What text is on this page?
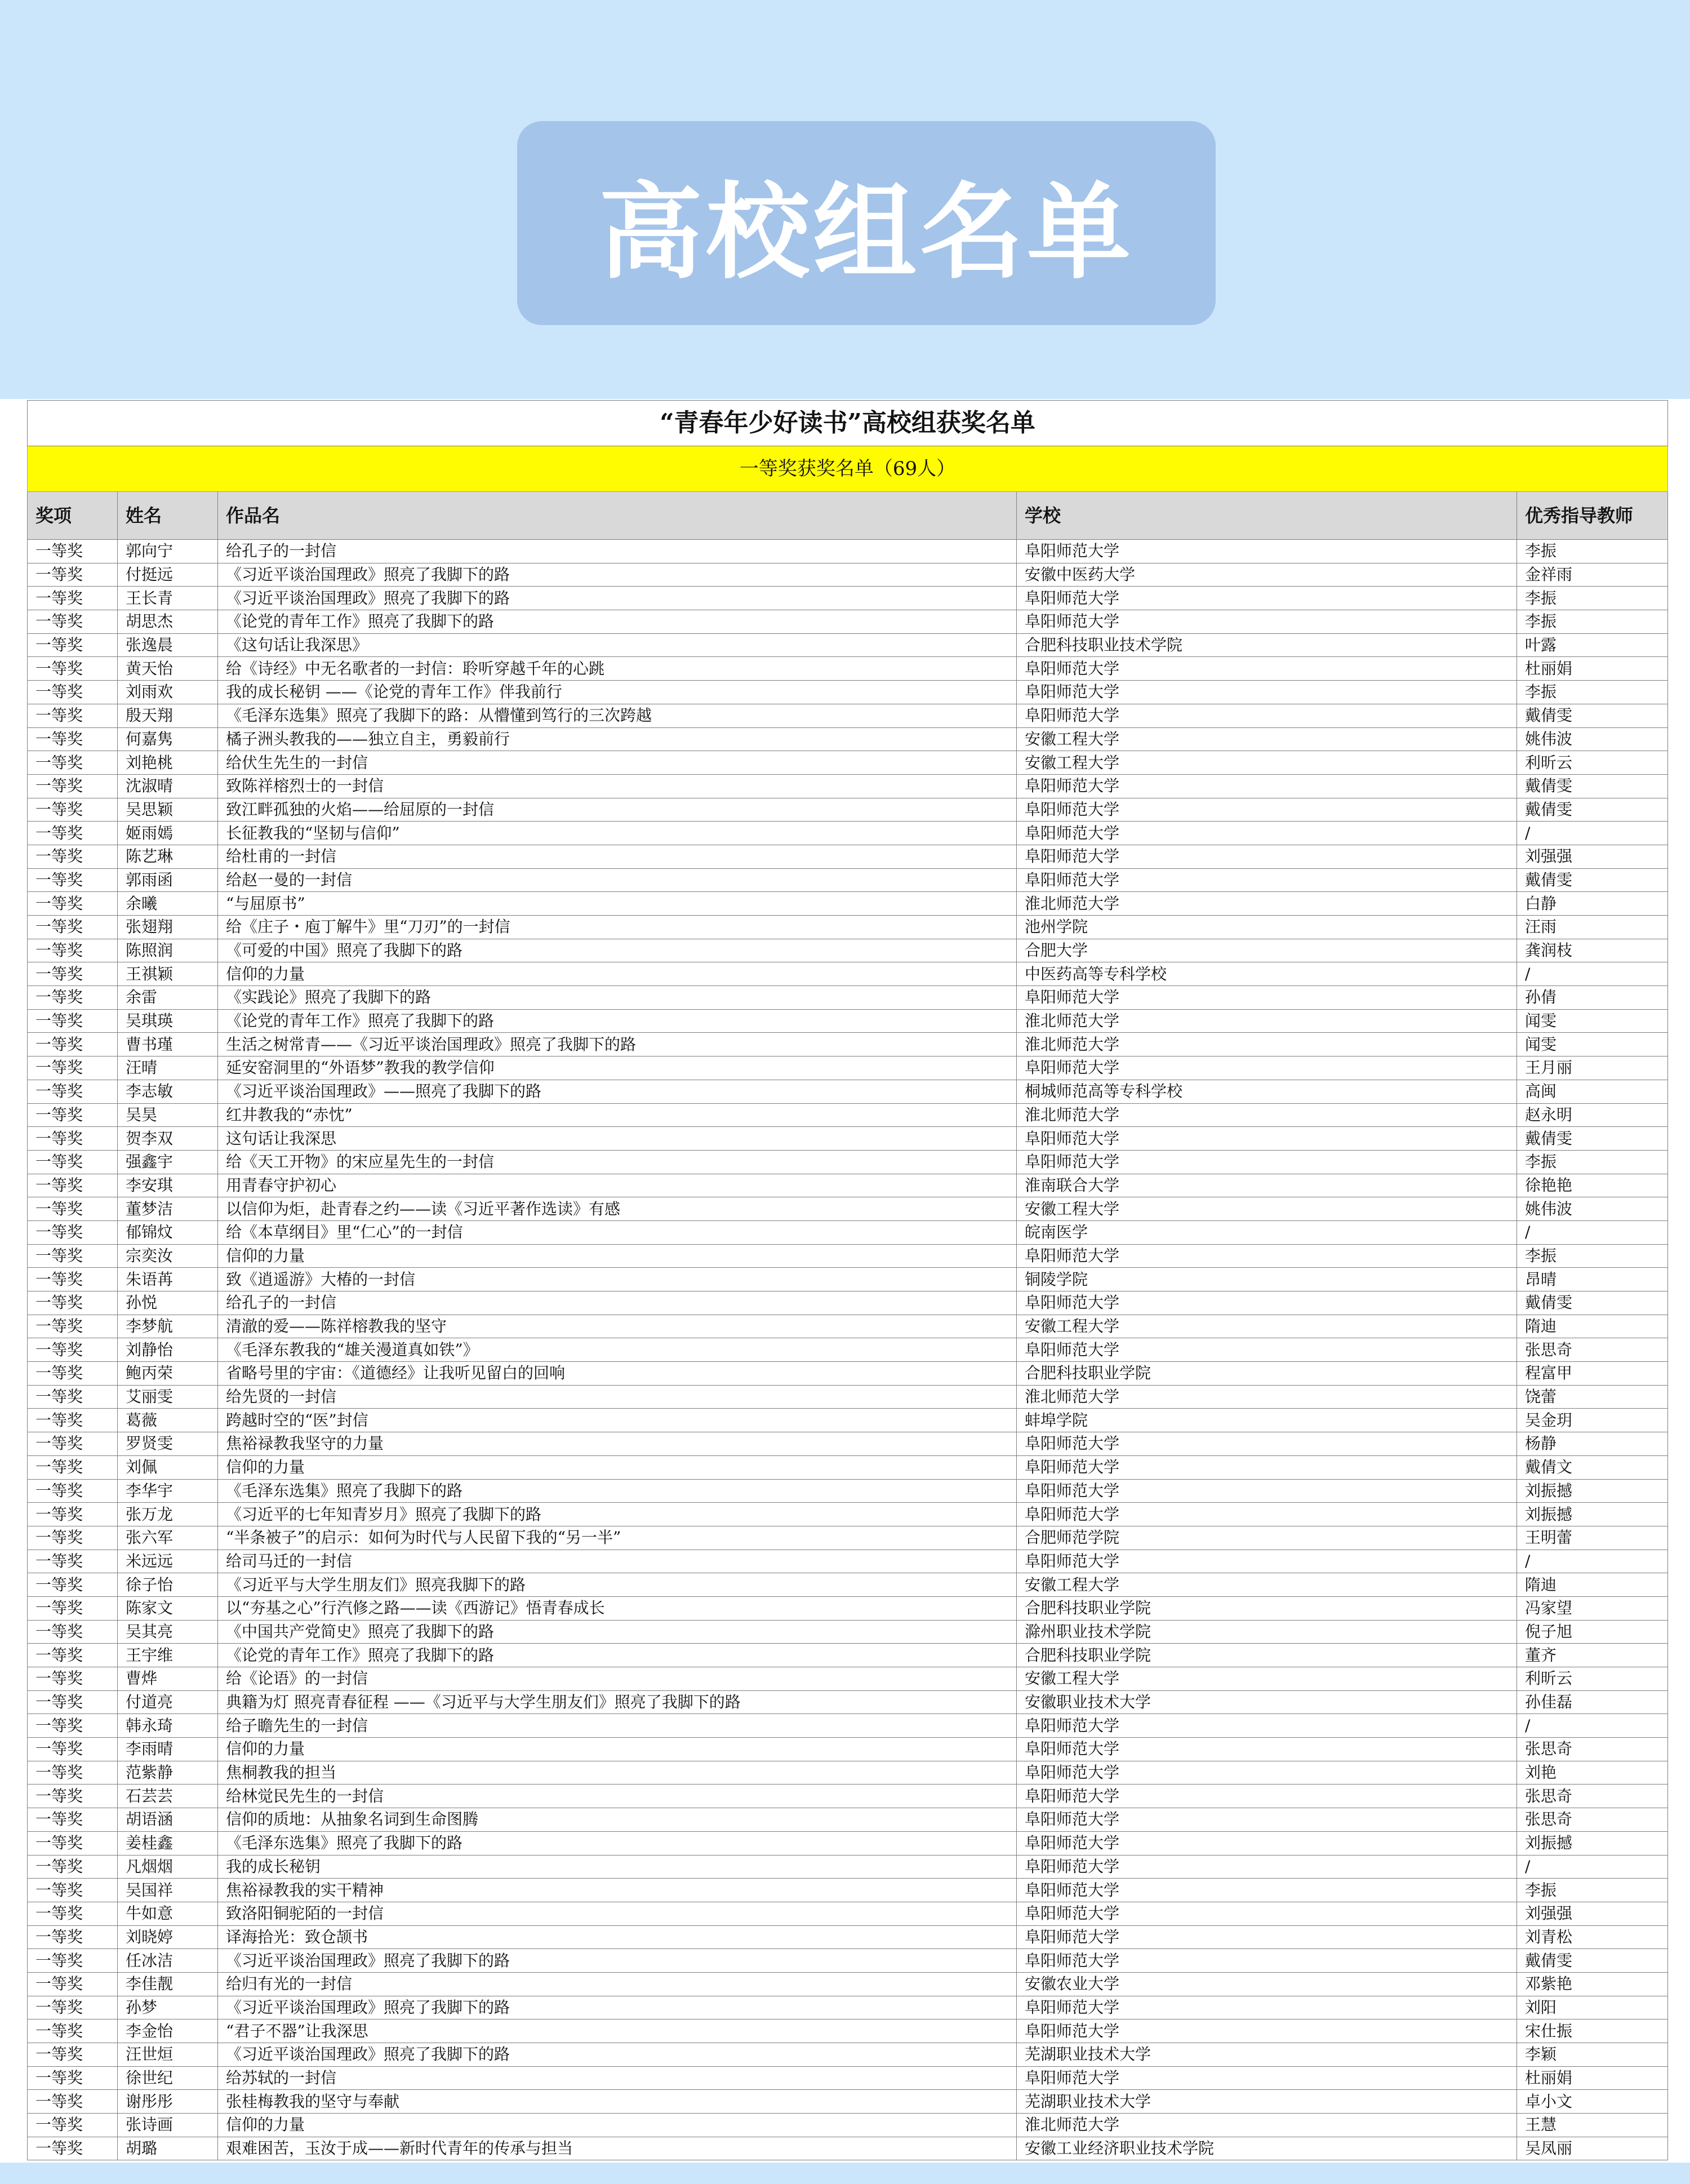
高校组名单
“青春年少好读书”高校组获奖名单				
一等奖获奖名单（69人）				
奖项	姓名	作品名	学校	优秀指导教师
一等奖	郭向宁	给孔子的一封信	阜阳师范大学	李振
一等奖	付挺远	《习近平谈治国理政》照亮了我脚下的路	安徽中医药大学	金祥雨
一等奖	王长青	《习近平谈治国理政》照亮了我脚下的路	阜阳师范大学	李振
一等奖	胡思杰	《论党的青年工作》照亮了我脚下的路	阜阳师范大学	李振
一等奖	张逸晨	《这句话让我深思》	合肥科技职业技术学院	叶露
一等奖	黄天怡	给《诗经》中无名歌者的一封信：聆听穿越千年的心跳	阜阳师范大学	杜丽娟
一等奖	刘雨欢	我的成长秘钥 ——《论党的青年工作》伴我前行	阜阳师范大学	李振
一等奖	殷天翔	《毛泽东选集》照亮了我脚下的路：从懵懂到笃行的三次跨越	阜阳师范大学	戴倩雯
一等奖	何嘉隽	橘子洲头教我的——独立自主，勇毅前行	安徽工程大学	姚伟波
一等奖	刘艳桃	给伏生先生的一封信	安徽工程大学	利昕云
一等奖	沈淑晴	致陈祥榕烈士的一封信	阜阳师范大学	戴倩雯
一等奖	吴思颖	致江畔孤独的火焰——给屈原的一封信	阜阳师范大学	戴倩雯
一等奖	姬雨嫣	长征教我的“坚韧与信仰”	阜阳师范大学	/
一等奖	陈艺琳	给杜甫的一封信	阜阳师范大学	刘强强
一等奖	郭雨函	给赵一曼的一封信	阜阳师范大学	戴倩雯
一等奖	余曦	“与屈原书”	淮北师范大学	白静
一等奖	张翅翔	给《庄子・庖丁解牛》里“刀刃”的一封信	池州学院	汪雨
一等奖	陈照润	《可爱的中国》照亮了我脚下的路	合肥大学	龚润枝
一等奖	王祺颖	信仰的力量	中医药高等专科学校	/
一等奖	余雷	《实践论》照亮了我脚下的路	阜阳师范大学	孙倩
一等奖	吴琪瑛	《论党的青年工作》照亮了我脚下的路	淮北师范大学	闻雯
一等奖	曹书瑾	生活之树常青——《习近平谈治国理政》照亮了我脚下的路	淮北师范大学	闻雯
一等奖	汪晴	延安窑洞里的“外语梦”教我的教学信仰	阜阳师范大学	王月丽
一等奖	李志敏	《习近平谈治国理政》——照亮了我脚下的路	桐城师范高等专科学校	高闽
一等奖	吴昊	红井教我的“赤忱”	淮北师范大学	赵永明
一等奖	贺李双	这句话让我深思	阜阳师范大学	戴倩雯
一等奖	强鑫宇	给《天工开物》的宋应星先生的一封信	阜阳师范大学	李振
一等奖	李安琪	用青春守护初心	淮南联合大学	徐艳艳
一等奖	董梦洁	以信仰为炬，赴青春之约——读《习近平著作选读》有感	安徽工程大学	姚伟波
一等奖	郁锦炆	给《本草纲目》里“仁心”的一封信	皖南医学	/
一等奖	宗奕汝	信仰的力量	阜阳师范大学	李振
一等奖	朱语苒	致《逍遥游》大椿的一封信	铜陵学院	昂晴
一等奖	孙悦	给孔子的一封信	阜阳师范大学	戴倩雯
一等奖	李梦航	清澈的爱——陈祥榕教我的坚守	安徽工程大学	隋迪
一等奖	刘静怡	《毛泽东教我的“雄关漫道真如铁”》	阜阳师范大学	张思奇
一等奖	鲍丙荣	省略号里的宇宙：《道德经》让我听见留白的回响	合肥科技职业学院	程富甲
一等奖	艾丽雯	给先贤的一封信	淮北师范大学	饶蕾
一等奖	葛薇	跨越时空的“医”封信	蚌埠学院	吴金玥
一等奖	罗贤雯	焦裕禄教我坚守的力量	阜阳师范大学	杨静
一等奖	刘佩	信仰的力量	阜阳师范大学	戴倩文
一等奖	李华宇	《毛泽东选集》照亮了我脚下的路	阜阳师范大学	刘振撼
一等奖	张万龙	《习近平的七年知青岁月》照亮了我脚下的路	阜阳师范大学	刘振撼
一等奖	张六军	“半条被子”的启示：如何为时代与人民留下我的“另一半”	合肥师范学院	王明蕾
一等奖	米远远	给司马迁的一封信	阜阳师范大学	/
一等奖	徐子怡	《习近平与大学生朋友们》照亮我脚下的路	安徽工程大学	隋迪
一等奖	陈家文	以“夯基之心”行汽修之路——读《西游记》悟青春成长	合肥科技职业学院	冯家望
一等奖	吴其亮	《中国共产党简史》照亮了我脚下的路	滁州职业技术学院	倪子旭
一等奖	王宇维	《论党的青年工作》照亮了我脚下的路	合肥科技职业学院	董齐
一等奖	曹烨	给《论语》的一封信	安徽工程大学	利昕云
一等奖	付道亮	典籍为灯 照亮青春征程 ——《习近平与大学生朋友们》照亮了我脚下的路	安徽职业技术大学	孙佳磊
一等奖	韩永琦	给子瞻先生的一封信	阜阳师范大学	/
一等奖	李雨晴	信仰的力量	阜阳师范大学	张思奇
一等奖	范紫静	焦桐教我的担当	阜阳师范大学	刘艳
一等奖	石芸芸	给林觉民先生的一封信	阜阳师范大学	张思奇
一等奖	胡语涵	信仰的质地：从抽象名词到生命图腾	阜阳师范大学	张思奇
一等奖	姜桂鑫	《毛泽东选集》照亮了我脚下的路	阜阳师范大学	刘振撼
一等奖	凡烟烟	我的成长秘钥	阜阳师范大学	/
一等奖	吴国祥	焦裕禄教我的实干精神	阜阳师范大学	李振
一等奖	牛如意	致洛阳铜驼陌的一封信	阜阳师范大学	刘强强
一等奖	刘晓婷	译海拾光：致仓颉书	阜阳师范大学	刘青松
一等奖	任冰洁	《习近平谈治国理政》照亮了我脚下的路	阜阳师范大学	戴倩雯
一等奖	李佳靓	给归有光的一封信	安徽农业大学	邓紫艳
一等奖	孙梦	《习近平谈治国理政》照亮了我脚下的路	阜阳师范大学	刘阳
一等奖	李金怡	“君子不器”让我深思	阜阳师范大学	宋仕振
一等奖	汪世烜	《习近平谈治国理政》照亮了我脚下的路	芜湖职业技术大学	李颖
一等奖	徐世纪	给苏轼的一封信	阜阳师范大学	杜丽娟
一等奖	谢彤彤	张桂梅教我的坚守与奉献	芜湖职业技术大学	卓小文
一等奖	张诗画	信仰的力量	淮北师范大学	王慧
一等奖	胡璐	艰难困苦，玉汝于成——新时代青年的传承与担当	安徽工业经济职业技术学院	吴凤丽
